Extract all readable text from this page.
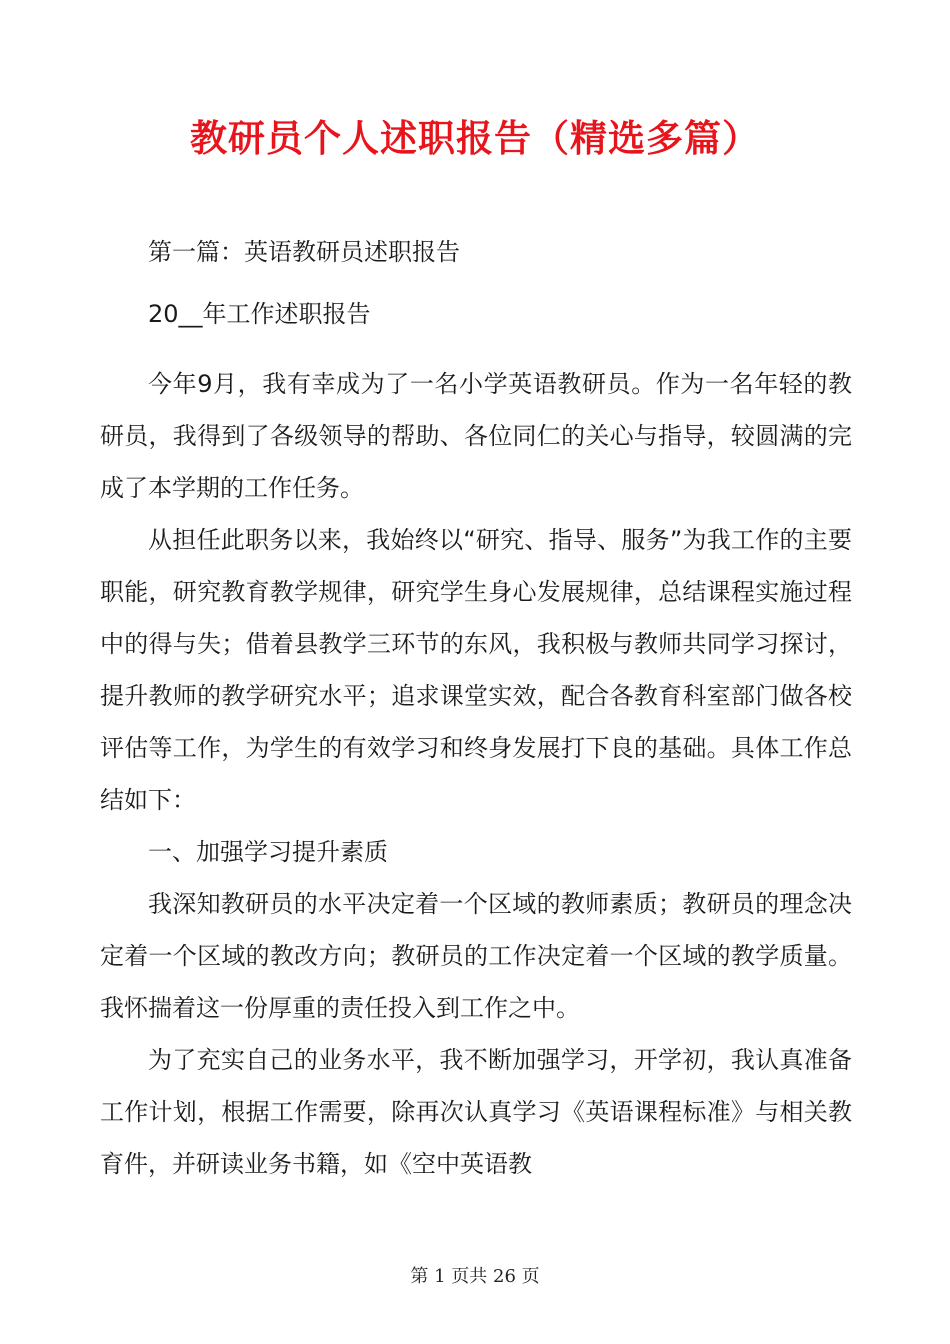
教研员个人述职报告（精选多篇）

第一篇：英语教研员述职报告

20__年工作述职报告

今年9月，我有幸成为了一名小学英语教研员。作为一名年轻的教研员，我得到了各级领导的帮助、各位同仁的关心与指导，较圆满的完成了本学期的工作任务。

从担任此职务以来，我始终以“研究、指导、服务”为我工作的主要职能，研究教育教学规律，研究学生身心发展规律，总结课程实施过程中的得与失；借着县教学三环节的东风，我积极与教师共同学习探讨，提升教师的教学研究水平；追求课堂实效，配合各教育科室部门做各校评估等工作，为学生的有效学习和终身发展打下良的基础。具体工作总结如下：

一、加强学习提升素质

我深知教研员的水平决定着一个区域的教师素质；教研员的理念决定着一个区域的教改方向；教研员的工作决定着一个区域的教学质量。我怀揣着这一份厚重的责任投入到工作之中。

为了充实自己的业务水平，我不断加强学习，开学初，我认真准备工作计划，根据工作需要，除再次认真学习《英语课程标准》与相关教育件，并研读业务书籍，如《空中英语教

第 1 页共 26 页
